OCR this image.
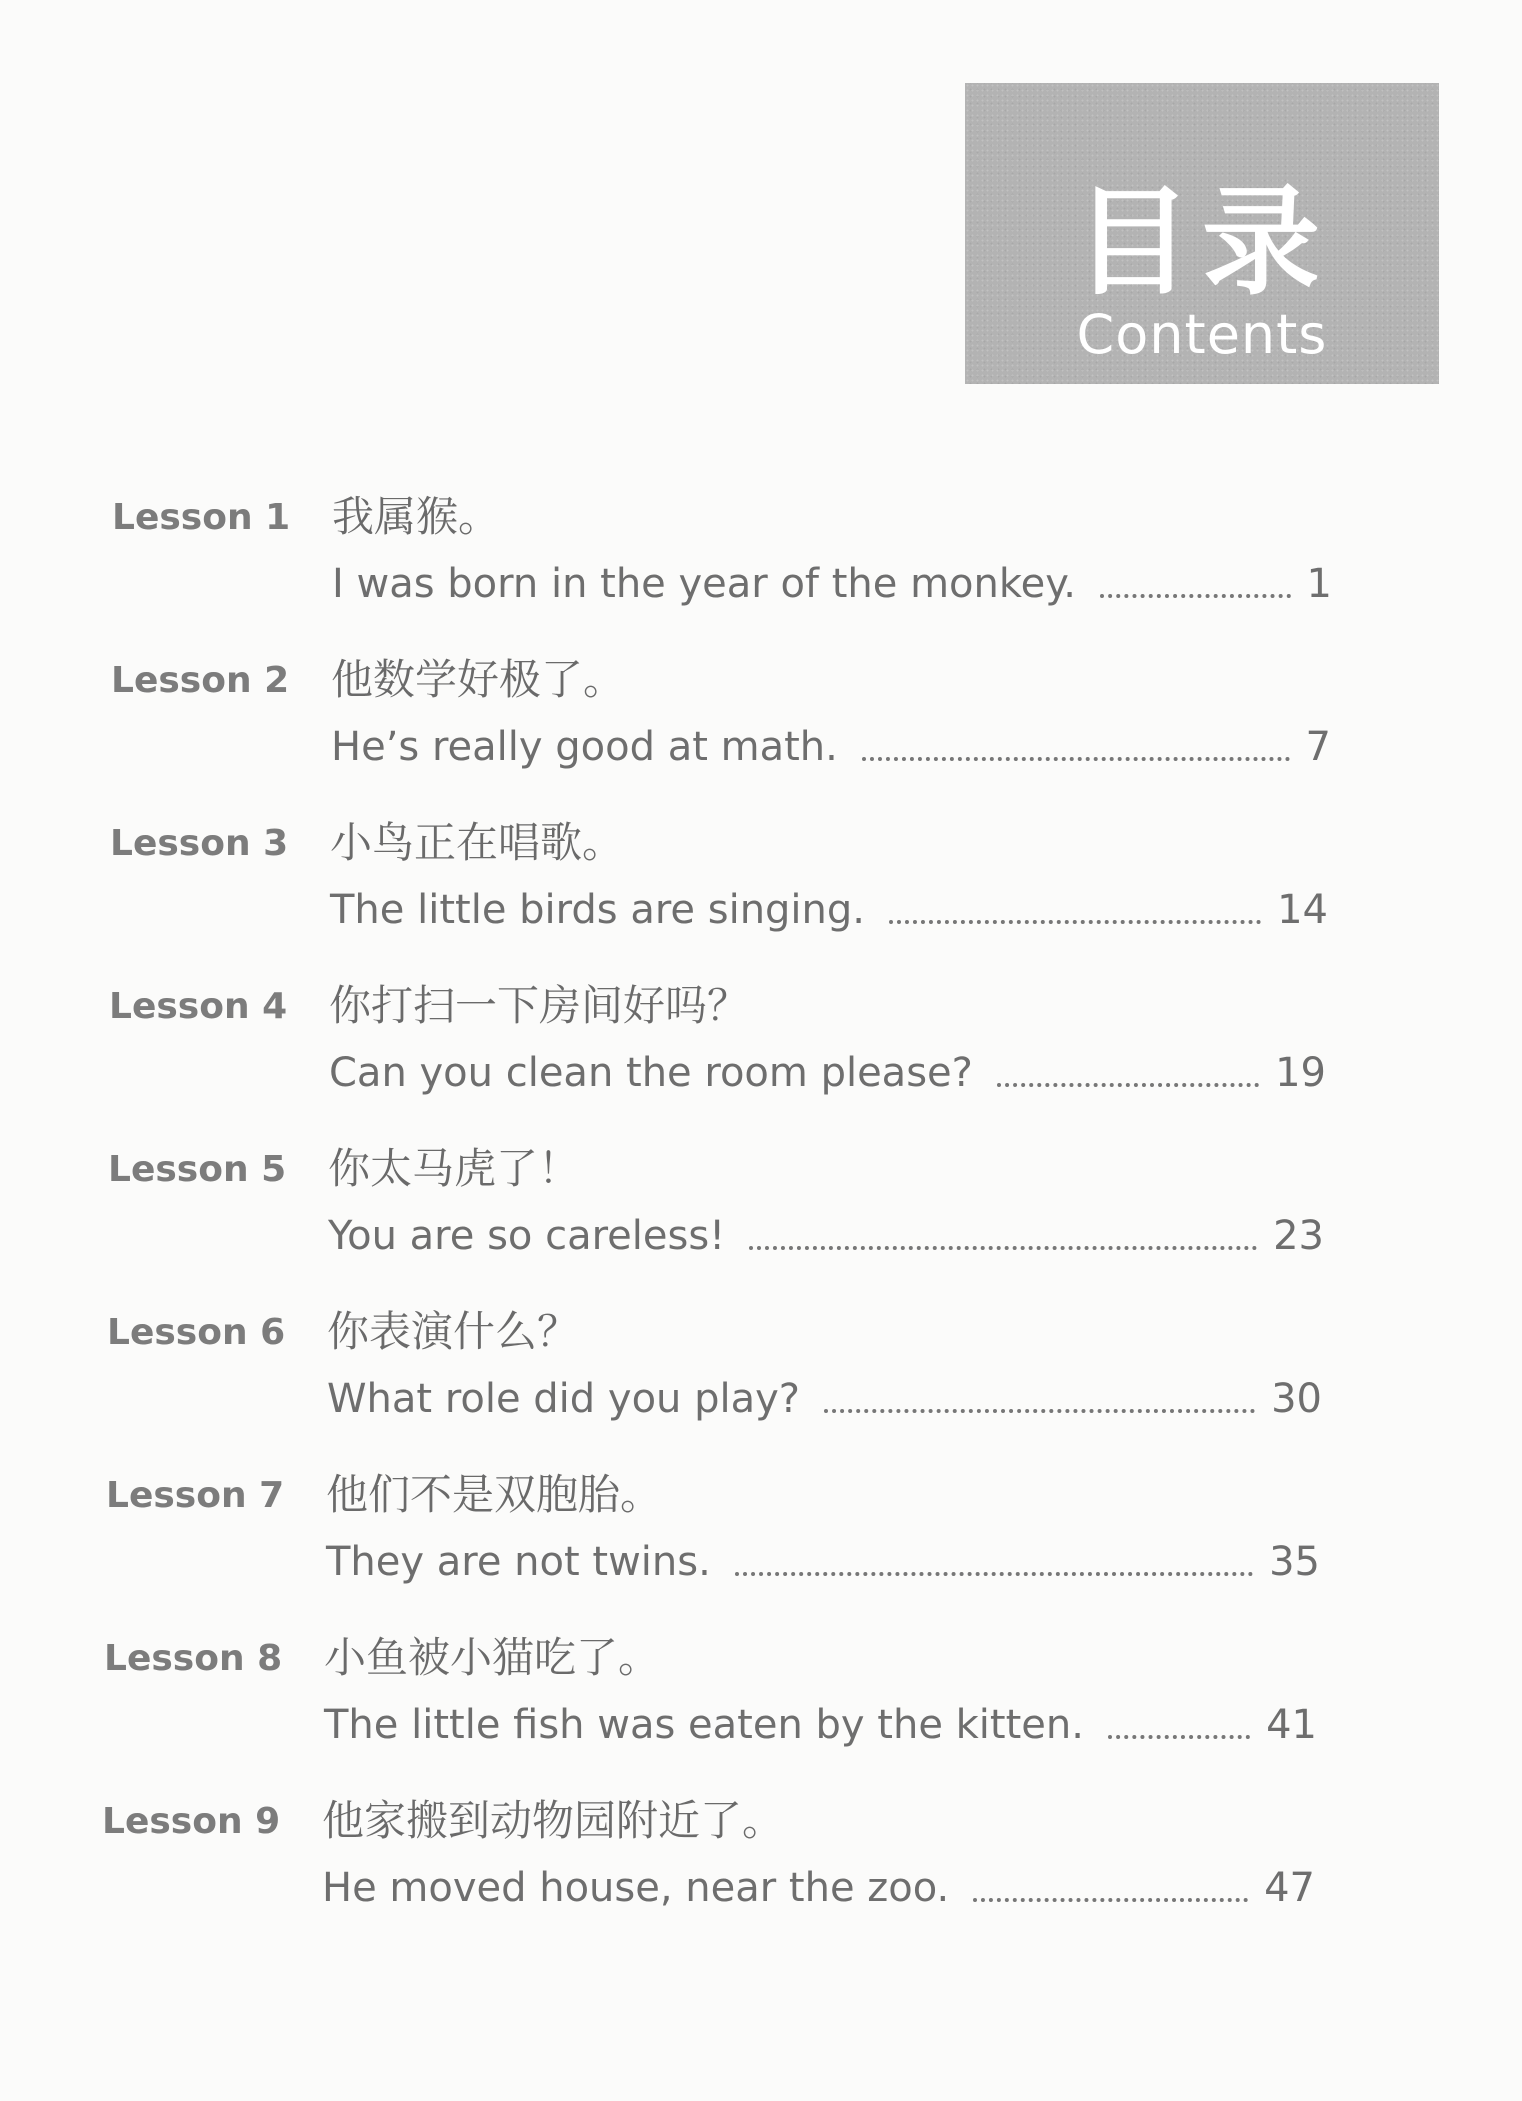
目录
Contents
Lesson 1 我属猴。
I was born in the year of the monkey.	1
Lesson 2 他数学好极了。
He’s really good at math.	7
Lesson 3 小鸟正在唱歌。
The little birds are singing.	14
Lesson 4 你打扫一下房间好吗？
Can you clean the room please?	19
Lesson 5 你太马虎了！
You are so careless!	23
Lesson 6 你表演什么？
What role did you play?	30
Lesson 7 他们不是双胞胎。
They are not twins.	35
Lesson 8 小鱼被小猫吃了。
The little fish was eaten by the kitten.	41
Lesson 9 他家搬到动物园附近了。
He moved house, near the zoo.	47
